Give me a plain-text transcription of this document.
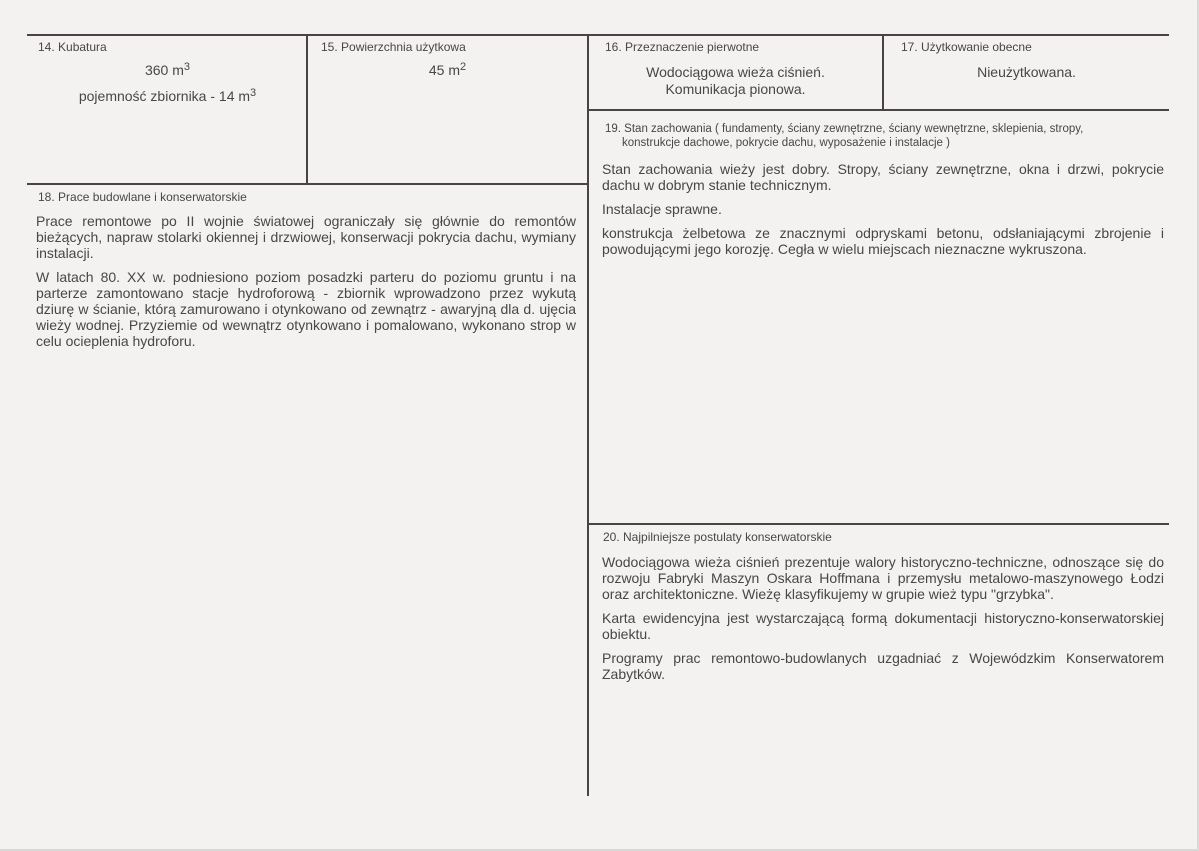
14. Kubatura
360 $m^3$
pojemność zbiornika - 14 $m^3$
15. Powierzchnia użytkowa
45 $m^2$
16. Przeznaczenie pierwotne
Wodociągowa wieża ciśnień.
Komunikacja pionowa.
17. Użytkowanie obecne
Nieużytkowana.
19. Stan zachowania ( fundamenty, ściany zewnętrzne, ściany wewnętrzne, sklepienia, stropy,
konstrukcje dachowe, pokrycie dachu, wyposażenie i instalacje )

Stan zachowania wieży jest dobry. Stropy, ściany zewnętrzne, okna i drzwi, pokrycie dachu w dobrym stanie technicznym.

Instalacje sprawne.

konstrukcja żelbetowa ze znacznymi odpryskami betonu, odsłaniającymi zbrojenie i powodującymi jego korozję. Cegła w wielu miejscach nieznaczne wykruszona.

18. Prace budowlane i konserwatorskie

Prace remontowe po II wojnie światowej ograniczały się głównie do remontów bieżących, napraw stolarki okiennej i drzwiowej, konserwacji pokrycia dachu, wymiany instalacji.

W latach 80. XX w. podniesiono poziom posadzki parteru do poziomu gruntu i na parterze zamontowano stacje hydroforową - zbiornik wprowadzono przez wykutą dziurę w ścianie, którą zamurowano i otynkowano od zewnątrz - awaryjną dla d. ujęcia wieży wodnej. Przyziemie od wewnątrz otynkowano i pomalowano, wykonano strop w celu ocieplenia hydroforu.

20. Najpilniejsze postulaty konserwatorskie

Wodociągowa wieża ciśnień prezentuje walory historyczno-techniczne, odnoszące się do rozwoju Fabryki Maszyn Oskara Hoffmana i przemysłu metalowo-maszynowego Łodzi oraz architektoniczne. Wieżę klasyfikujemy w grupie wież typu "grzybka".

Karta ewidencyjna jest wystarczającą formą dokumentacji historyczno-konserwatorskiej obiektu.

Programy prac remontowo-budowlanych uzgadniać z Wojewódzkim Konserwatorem Zabytków.
